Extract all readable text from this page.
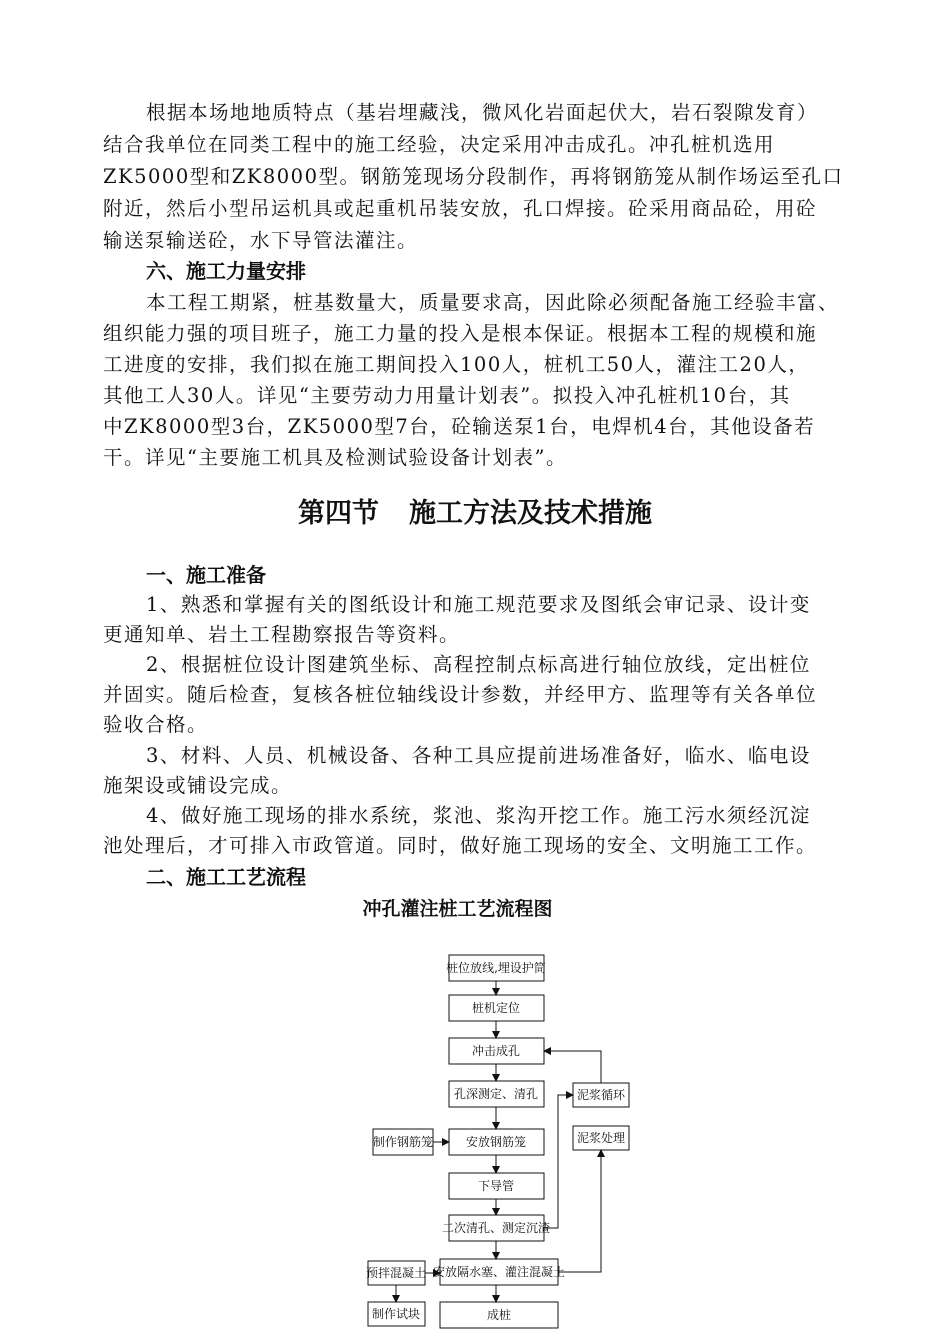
根据本场地地质特点（基岩埋藏浅，微风化岩面起伏大，岩石裂隙发育）
结合我单位在同类工程中的施工经验，决定采用冲击成孔。冲孔桩机选用
ZK5000型和ZK8000型。钢筋笼现场分段制作，再将钢筋笼从制作场运至孔口
附近，然后小型吊运机具或起重机吊装安放，孔口焊接。砼采用商品砼，用砼
输送泵输送砼，水下导管法灌注。
六、施工力量安排
本工程工期紧，桩基数量大，质量要求高，因此除必须配备施工经验丰富、
组织能力强的项目班子，施工力量的投入是根本保证。根据本工程的规模和施
工进度的安排，我们拟在施工期间投入100人，桩机工50人，灌注工20人，
其他工人30人。详见“主要劳动力用量计划表”。拟投入冲孔桩机10台，其
中ZK8000型3台，ZK5000型7台，砼输送泵1台，电焊机4台，其他设备若
干。详见“主要施工机具及检测试验设备计划表”。
第四节 施工方法及技术措施
一、施工准备
1、熟悉和掌握有关的图纸设计和施工规范要求及图纸会审记录、设计变
更通知单、岩土工程勘察报告等资料。
2、根据桩位设计图建筑坐标、高程控制点标高进行轴位放线，定出桩位
并固实。随后检查，复核各桩位轴线设计参数，并经甲方、监理等有关各单位
验收合格。
3、材料、人员、机械设备、各种工具应提前进场准备好，临水、临电设
施架设或铺设完成。
4、做好施工现场的排水系统，浆池、浆沟开挖工作。施工污水须经沉淀
池处理后，才可排入市政管道。同时，做好施工现场的安全、文明施工工作。
二、施工工艺流程
冲孔灌注桩工艺流程图
桩位放线,埋设护筒
桩机定位
冲击成孔
孔深测定、清孔
安放钢筋笼
下导管
二次清孔、测定沉渣
安放隔水塞、灌注混凝土
成桩
制作钢筋笼
泥浆循环
泥浆处理
预拌混凝土
制作试块
